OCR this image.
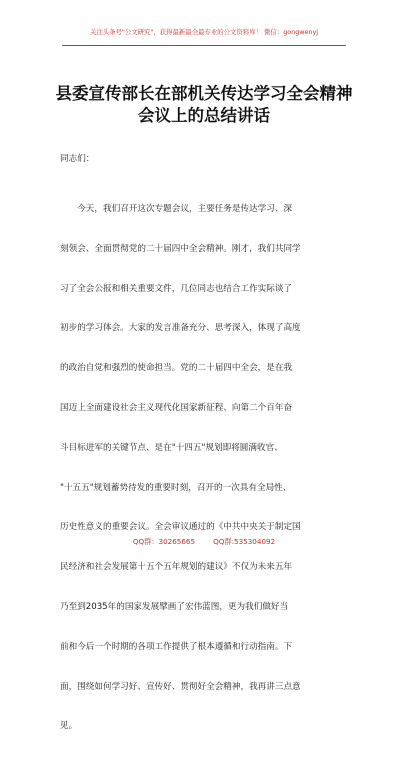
关注头条号"公文研究"，获得最新最全最专业的公文资料库！ 微信：gongwenyj
县委宣传部长在部机关传达学习全会精神
会议上的总结讲话
同志们：

　　今天，我们召开这次专题会议，主要任务是传达学习、深

刻领会、全面贯彻党的二十届四中全会精神。刚才，我们共同学

习了全会公报和相关重要文件，几位同志也结合工作实际谈了

初步的学习体会。大家的发言准备充分、思考深入，体现了高度

的政治自觉和强烈的使命担当。党的二十届四中全会，是在我

国迈上全面建设社会主义现代化国家新征程、向第二个百年奋

斗目标进军的关键节点、是在"十四五"规划即将圆满收官、

"十五五"规划蓄势待发的重要时刻，召开的一次具有全局性、

历史性意义的重要会议。全会审议通过的《中共中央关于制定国

民经济和社会发展第十五个五年规划的建议》不仅为未来五年

乃至到2035年的国家发展擘画了宏伟蓝图，更为我们做好当

前和今后一个时期的各项工作提供了根本遵循和行动指南。下

面，围绕如何学习好、宣传好、贯彻好全会精神，我再讲三点意

见。

QQ群：30265665	QQ群:535304092
